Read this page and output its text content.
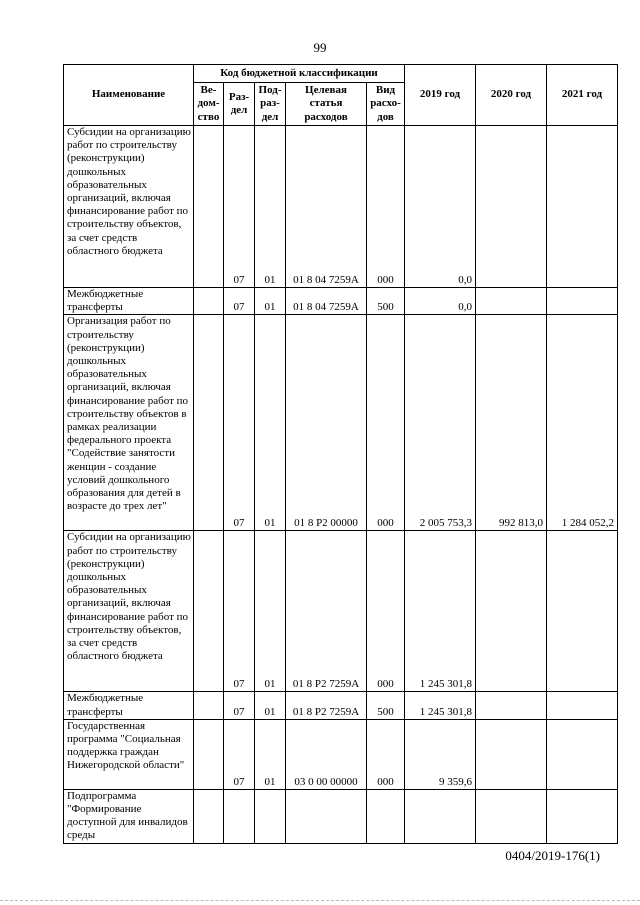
99
Наименование	Код бюджетной классификации					2019 год	2020 год	2021 год
	Ве-дом-ство	Раз-дел	Под-раз-дел	Целевая статья расходов	Вид расхо-дов			
Субсидии на организацию работ по строительству (реконструкции) дошкольных образовательных организаций, включая финансирование работ по строительству объектов, за счет средств областного бюджета		07	01	01 8 04 7259A	000	0,0		
Межбюджетные трансферты		07	01	01 8 04 7259A	500	0,0		
Организация работ по строительству (реконструкции) дошкольных образовательных организаций, включая финансирование работ по строительству объектов в рамках реализации федерального проекта "Содействие занятости женщин - создание условий дошкольного образования для детей в возрасте до трех лет"		07	01	01 8 P2 00000	000	2 005 753,3	992 813,0	1 284 052,2
Субсидии на организацию работ по строительству (реконструкции) дошкольных образовательных организаций, включая финансирование работ по строительству объектов, за счет средств областного бюджета		07	01	01 8 P2 7259A	000	1 245 301,8		
Межбюджетные трансферты		07	01	01 8 P2 7259A	500	1 245 301,8		
Государственная программа "Социальная поддержка граждан Нижегородской области"		07	01	03 0 00 00000	000	9 359,6		
Подпрограмма "Формирование доступной для инвалидов среды								
0404/2019-176(1)
